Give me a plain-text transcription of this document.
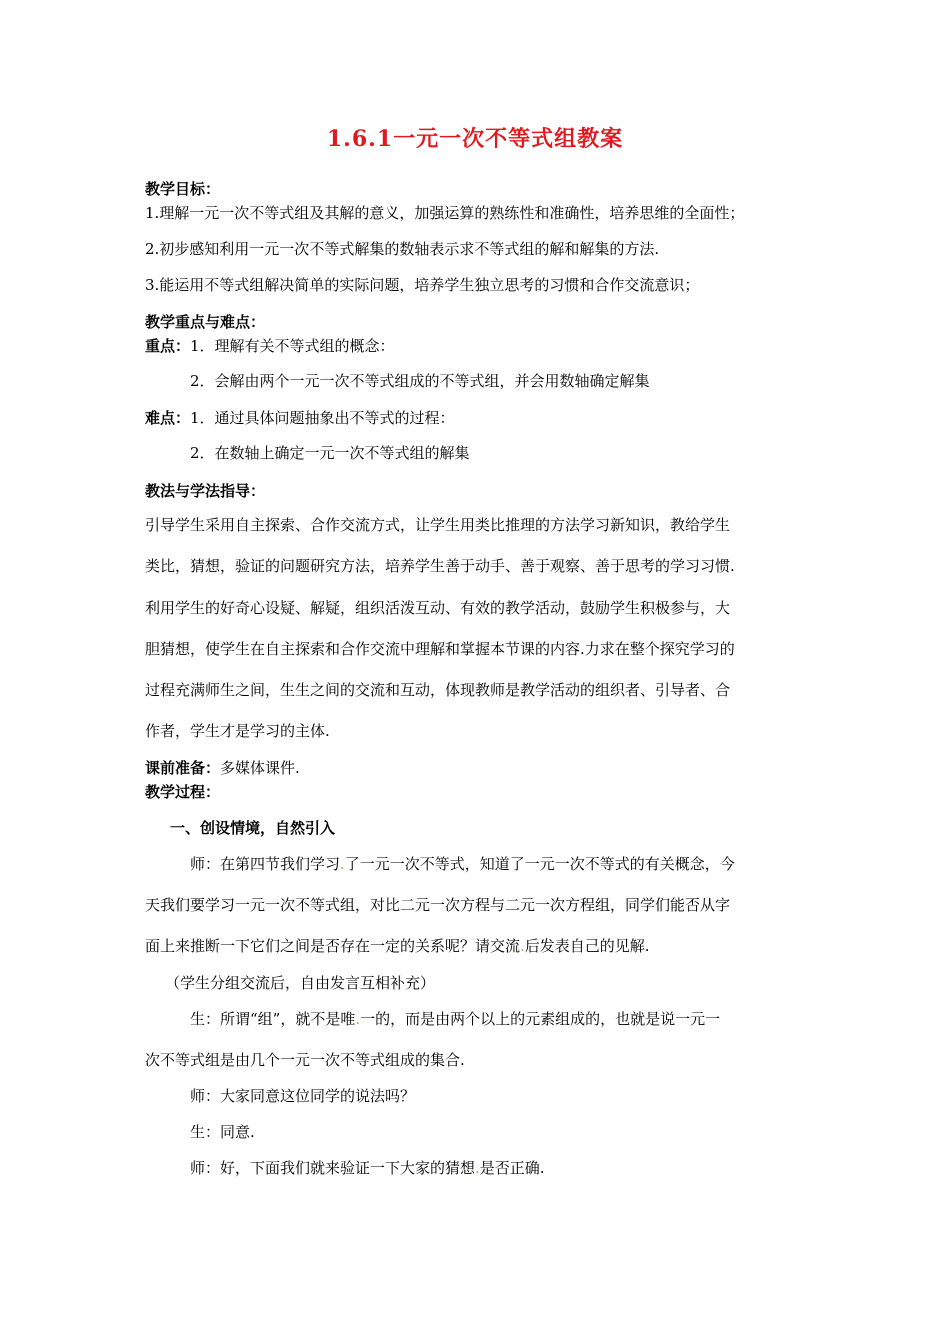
1.6.1一元一次不等式组教案
教学目标：
1.理解一元一次不等式组及其解的意义，加强运算的熟练性和准确性，培养思维的全面性；
2.初步感知利用一元一次不等式解集的数轴表示求不等式组的解和解集的方法.
3.能运用不等式组解决简单的实际问题，培养学生独立思考的习惯和合作交流意识；
教学重点与难点：
重点：1．理解有关不等式组的概念：
2．会解由两个一元一次不等式组成的不等式组，并会用数轴确定解集
难点：1．通过具体问题抽象出不等式的过程：
2．在数轴上确定一元一次不等式组的解集
教法与学法指导：
引导学生采用自主探索、合作交流方式，让学生用类比推理的方法学习新知识，教给学生
类比，猜想，验证的问题研究方法，培养学生善于动手、善于观察、善于思考的学习习惯.
利用学生的好奇心设疑、解疑，组织活泼互动、有效的教学活动，鼓励学生积极参与，大
胆猜想，使学生在自主探索和合作交流中理解和掌握本节课的内容.力求在整个探究学习的
过程充满师生之间，生生之间的交流和互动，体现教师是教学活动的组织者、引导者、合
作者，学生才是学习的主体.
课前准备：多媒体课件.
教学过程：
一、创设情境，自然引入
师：在第四节我们学习.了一元一次不等式，知道了一元一次不等式的有关概念，今
天我们要学习一元一次不等式组，对比二元一次方程与二元一次方程组，同学们能否从字
面上来推断一下它们之间是否存在一定的关系呢？请交流.后发表自己的见解.
（学生分组交流后，自由发言互相补充）
生：所谓“组”，就不是唯.一的，而是由两个以上的元素组成的，也就是说一元一
次不等式组是由几个一元一次不等式组成的集合.
师：大家同意这位同学的说法吗？
生：同意.
师：好，下面我们就来验证一下大家的猜想.是否正确.
